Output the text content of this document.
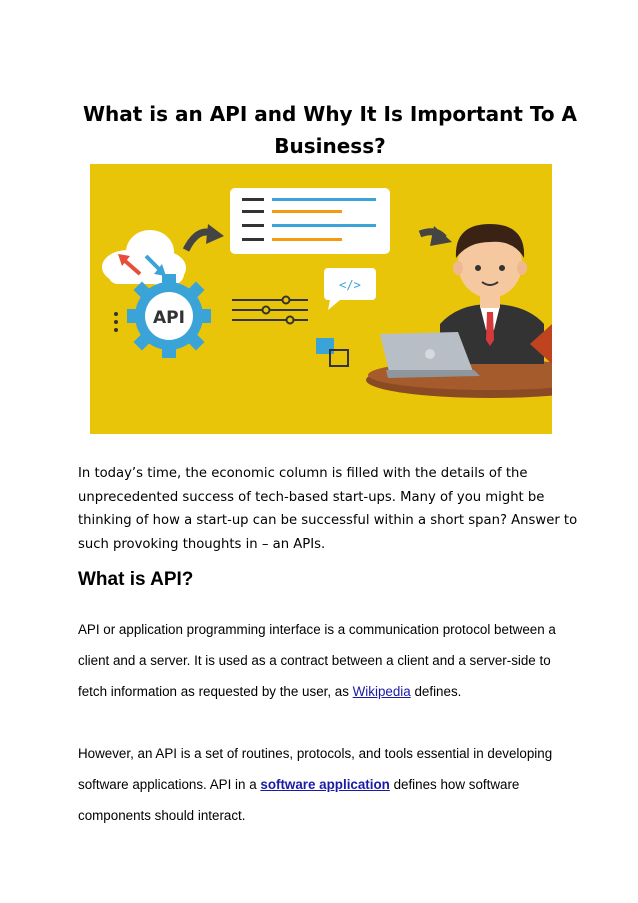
What is an API and Why It Is Important To A Business?
API
</>

In today’s time, the economic column is filled with the details of the unprecedented success of tech-based start-ups. Many of you might be thinking of how a start-up can be successful within a short span? Answer to such provoking thoughts in – an APIs.

What is API?

API or application programming interface is a communication protocol between a client and a server. It is used as a contract between a client and a server-side to fetch information as requested by the user, as Wikipedia defines.

However, an API is a set of routines, protocols, and tools essential in developing software applications. API in a software application defines how software components should interact.
